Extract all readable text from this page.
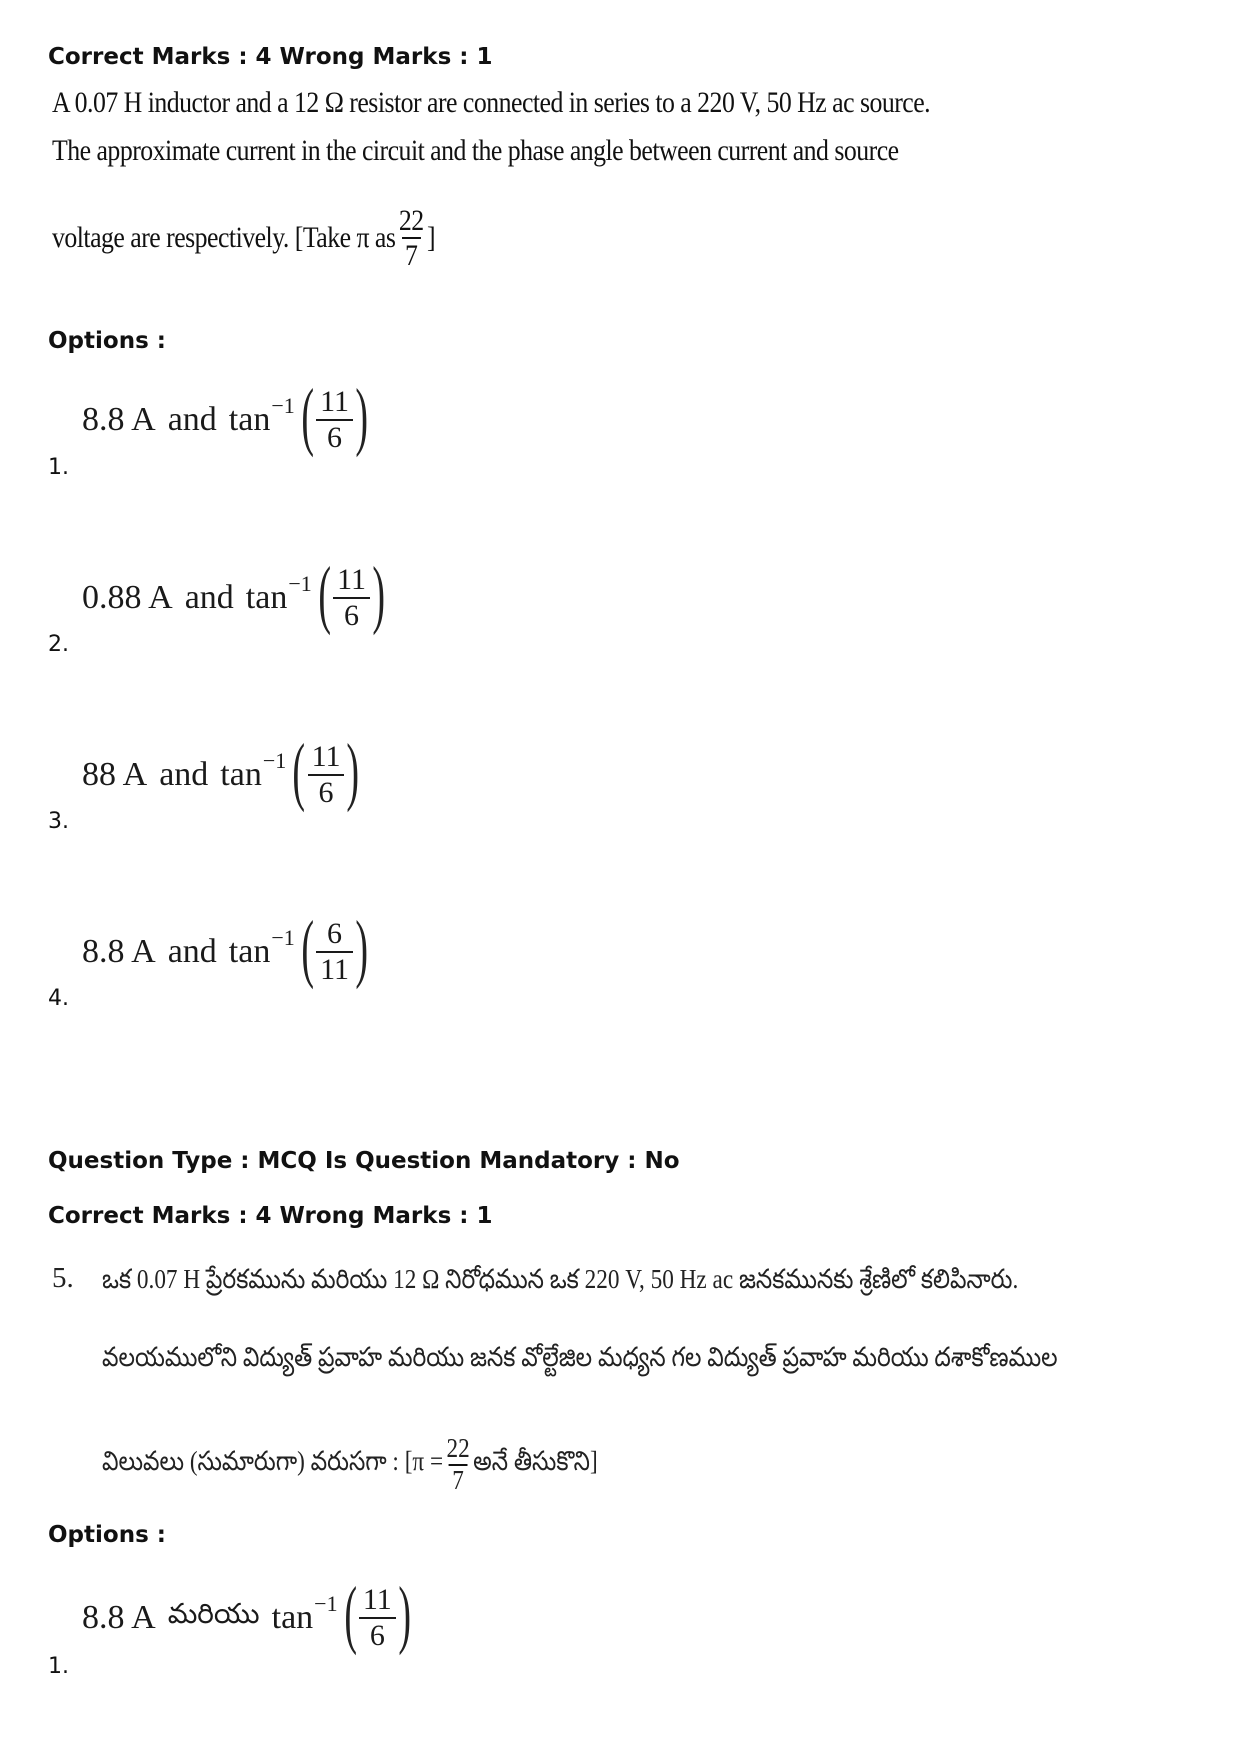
Correct Marks : 4 Wrong Marks : 1
A 0.07 H inductor and a 12 Ω resistor are connected in series to a 220 V, 50 Hz ac source.
The approximate current in the circuit and the phase angle between current and source
voltage are respectively. [Take π as $\frac{22}{7}$ ]
Options :
8.8 A and tan −1 ( $\frac{11}{6}$ )
1.
0.88 A and tan −1 ( $\frac{11}{6}$ )
2.
88 A and tan −1 ( $\frac{11}{6}$ )
3.
8.8 A and tan −1 ( $\frac{6}{11}$ )
4.
Question Type : MCQ Is Question Mandatory : No
Correct Marks : 4 Wrong Marks : 1
5. ఒక 0.07 H ప్రేరకమును మరియు 12 Ω నిరోధమున ఒక 220 V, 50 Hz ac జనకమునకు శ్రేణిలో కలిపినారు.
వలయములోని విద్యుత్ ప్రవాహ మరియు జనక వోల్టేజిల మధ్యన గల విద్యుత్ ప్రవాహ మరియు దశాకోణముల
విలువలు (సుమారుగా) వరుసగా : [$\pi = \frac{22}{7}$ అనే తీసుకొని]
Options :
8.8 A మరియు tan −1 ( $\frac{11}{6}$ )
1.
